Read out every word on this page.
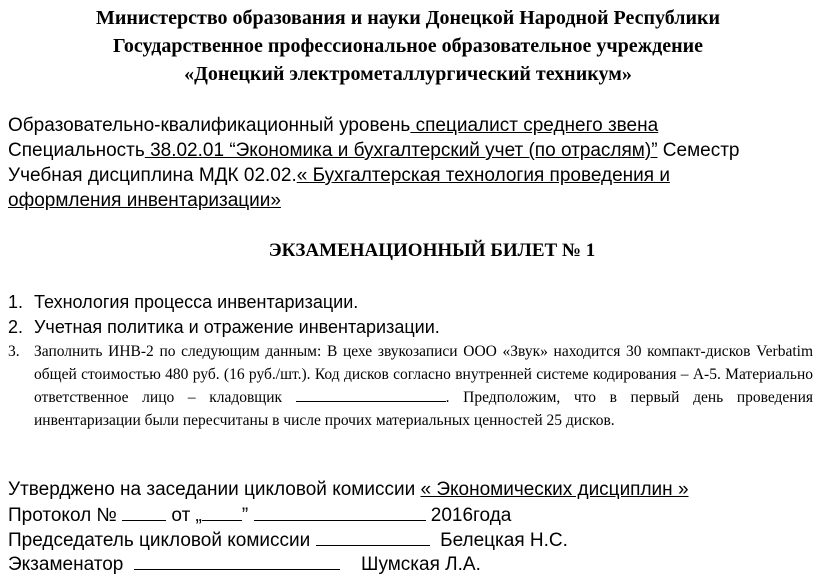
Министерство образования и науки Донецкой Народной Республики
Государственное профессиональное образовательное учреждение
«Донецкий электрометаллургический техникум»
Образовательно-квалификационный уровень специалист среднего звена
Специальность 38.02.01 “Экономика и бухгалтерский учет (по отраслям)” Семестр
Учебная дисциплина МДК 02.02.« Бухгалтерская технология проведения и
оформления инвентаризации»
ЭКЗАМЕНАЦИОННЫЙ БИЛЕТ № 1
1. Технология процесса инвентаризации.
2. Учетная политика и отражение инвентаризации.
3. Заполнить ИНВ-2 по следующим данным: В цехе звукозаписи ООО «Звук» находится 30 компакт-дисков Verbatim общей стоимостью 480 руб. (16 руб./шт.). Код дисков согласно внутренней системе кодирования – А-5. Материально ответственное лицо – кладовщик	. Предположим, что в первый день проведения инвентаризации были пересчитаны в числе прочих материальных ценностей 25 дисков.
Утверджено на заседании цикловой комиссии « Экономических дисциплин »
Протокол №	от „ ”	2016года
Председатель цикловой комиссии	Белецкая Н.С.
Экзаменатор	Шумская Л.А.
